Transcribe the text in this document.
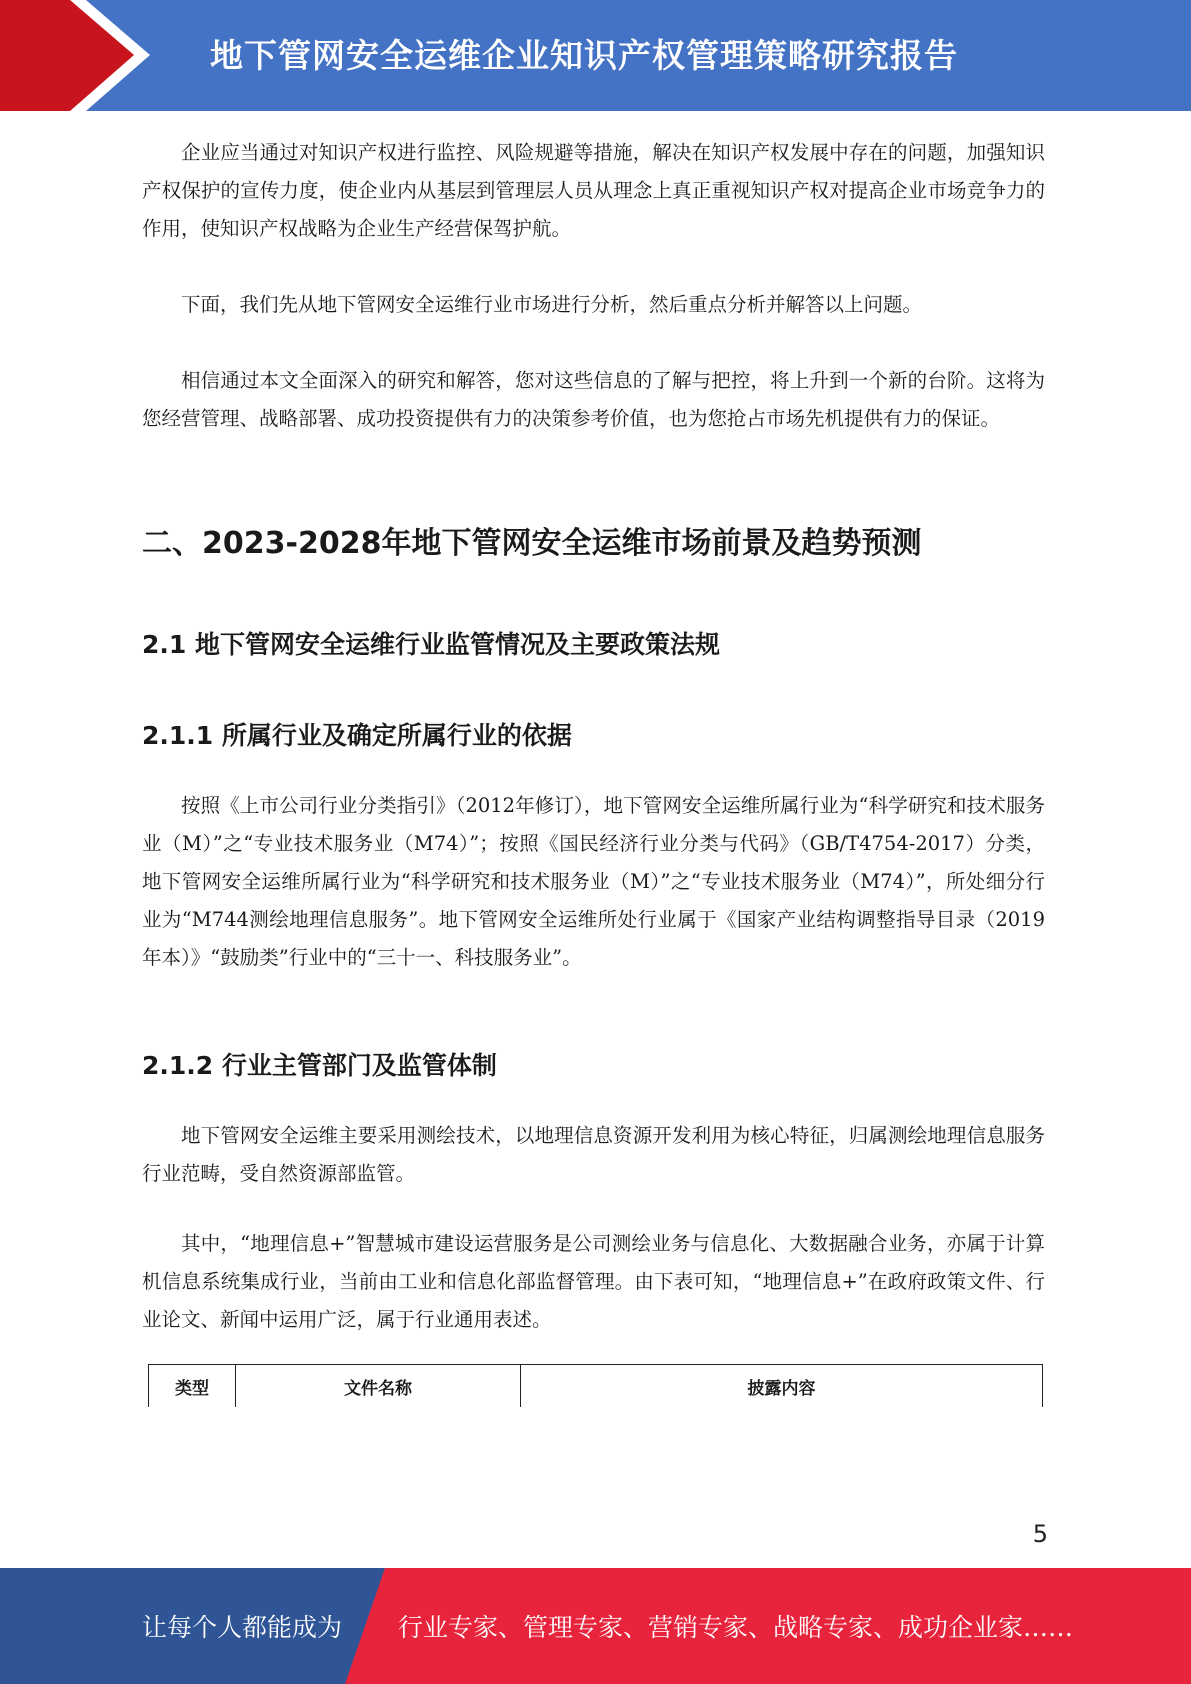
地下管网安全运维企业知识产权管理策略研究报告

企业应当通过对知识产权进行监控、风险规避等措施，解决在知识产权发展中存在的问题，加强知识产权保护的宣传力度，使企业内从基层到管理层人员从理念上真正重视知识产权对提高企业市场竞争力的作用，使知识产权战略为企业生产经营保驾护航。

下面，我们先从地下管网安全运维行业市场进行分析，然后重点分析并解答以上问题。

相信通过本文全面深入的研究和解答，您对这些信息的了解与把控，将上升到一个新的台阶。这将为您经营管理、战略部署、成功投资提供有力的决策参考价值，也为您抢占市场先机提供有力的保证。

二、2023-2028年地下管网安全运维市场前景及趋势预测
2.1 地下管网安全运维行业监管情况及主要政策法规
2.1.1 所属行业及确定所属行业的依据

按照《上市公司行业分类指引》（2012年修订），地下管网安全运维所属行业为“科学研究和技术服务业（M）”之“专业技术服务业（M74）”；按照《国民经济行业分类与代码》（GB/T4754-2017）分类，地下管网安全运维所属行业为“科学研究和技术服务业（M）”之“专业技术服务业（M74）”，所处细分行业为“M744测绘地理信息服务”。地下管网安全运维所处行业属于《国家产业结构调整指导目录（2019年本）》“鼓励类”行业中的“三十一、科技服务业”。

2.1.2 行业主管部门及监管体制

地下管网安全运维主要采用测绘技术，以地理信息资源开发利用为核心特征，归属测绘地理信息服务行业范畴，受自然资源部监管。

其中，“地理信息+”智慧城市建设运营服务是公司测绘业务与信息化、大数据融合业务，亦属于计算机信息系统集成行业，当前由工业和信息化部监督管理。由下表可知，“地理信息+”在政府政策文件、行业论文、新闻中运用广泛，属于行业通用表述。

类型	文件名称	披露内容
5
让每个人都能成为 行业专家、管理专家、营销专家、战略专家、成功企业家……
